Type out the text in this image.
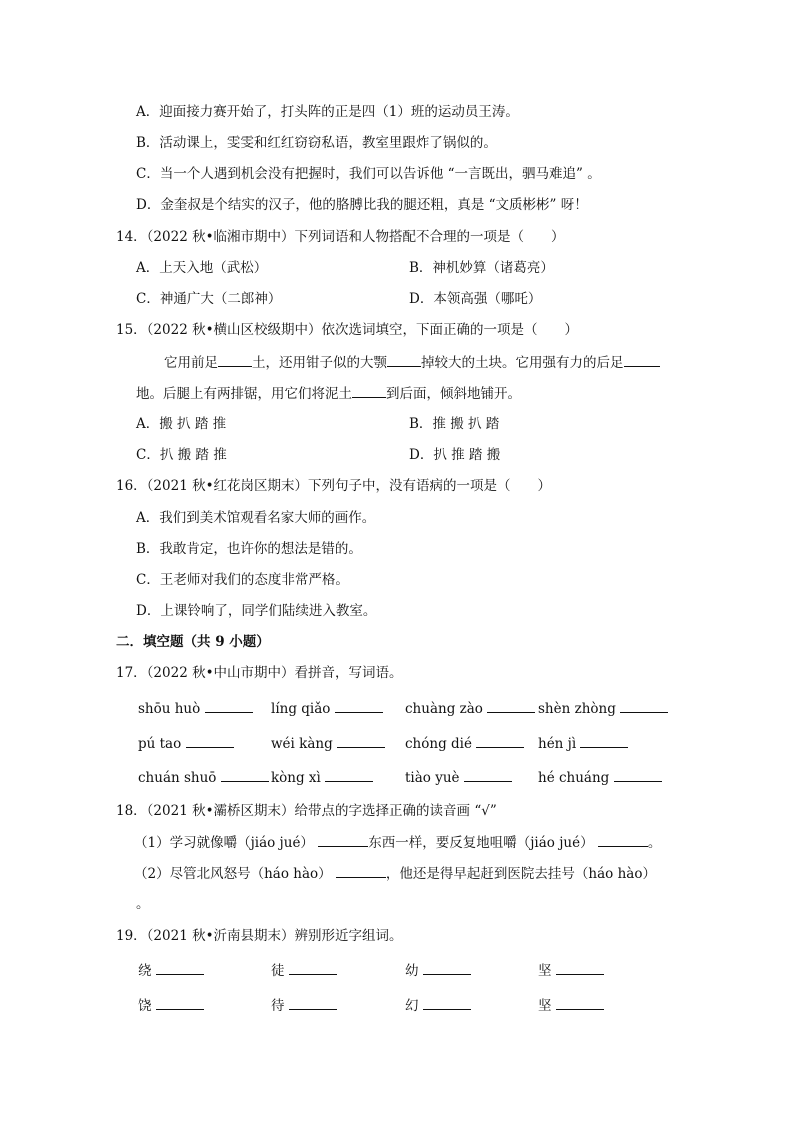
A．迎面接力赛开始了，打头阵的正是四（1）班的运动员王涛。
B．活动课上，雯雯和红红窃窃私语，教室里跟炸了锅似的。
C．当一个人遇到机会没有把握时，我们可以告诉他 “一言既出，驷马难追” 。
D．金奎叔是个结实的汉子，他的胳膊比我的腿还粗，真是 “文质彬彬” 呀！
14．（2022 秋•临湘市期中）下列词语和人物搭配不合理的一项是（　　）
A．上天入地（武松）	B．神机妙算（诸葛亮）
C．神通广大（二郎神）	D．本领高强（哪吒）
15．（2022 秋•横山区校级期中）依次选词填空，下面正确的一项是（　　）
它用前足	土，还用钳子似的大颚	掉较大的土块。它用强有力的后足
地。后腿上有两排锯，用它们将泥土	到后面，倾斜地铺开。
A．搬 扒 踏 推	B．推 搬 扒 踏
C．扒 搬 踏 推	D．扒 推 踏 搬
16．（2021 秋•红花岗区期末）下列句子中，没有语病的一项是（　　）
A．我们到美术馆观看名家大师的画作。
B．我敢肯定，也许你的想法是错的。
C．王老师对我们的态度非常严格。
D．上课铃响了，同学们陆续进入教室。
二．填空题（共 9 小题）
17．（2022 秋•中山市期中）看拼音，写词语。
shōu huò	líng qiǎo	chuàng zào	shèn zhòng
pú tao	wéi kàng	chóng dié	hén jì
chuán shuō	kòng xì	tiào yuè	hé chuáng
18．（2021 秋•灞桥区期末）给带点的字选择正确的读音画 “√”
（1）学习就像嚼（jiáo jué）	东西一样，要反复地咀嚼（jiáo jué）	。
（2）尽管北风怒号（háo hào）	，他还是得早起赶到医院去挂号（háo hào）
。
19．（2021 秋•沂南县期末）辨别形近字组词。
绕	徒	幼	坚
饶	待	幻	坚
